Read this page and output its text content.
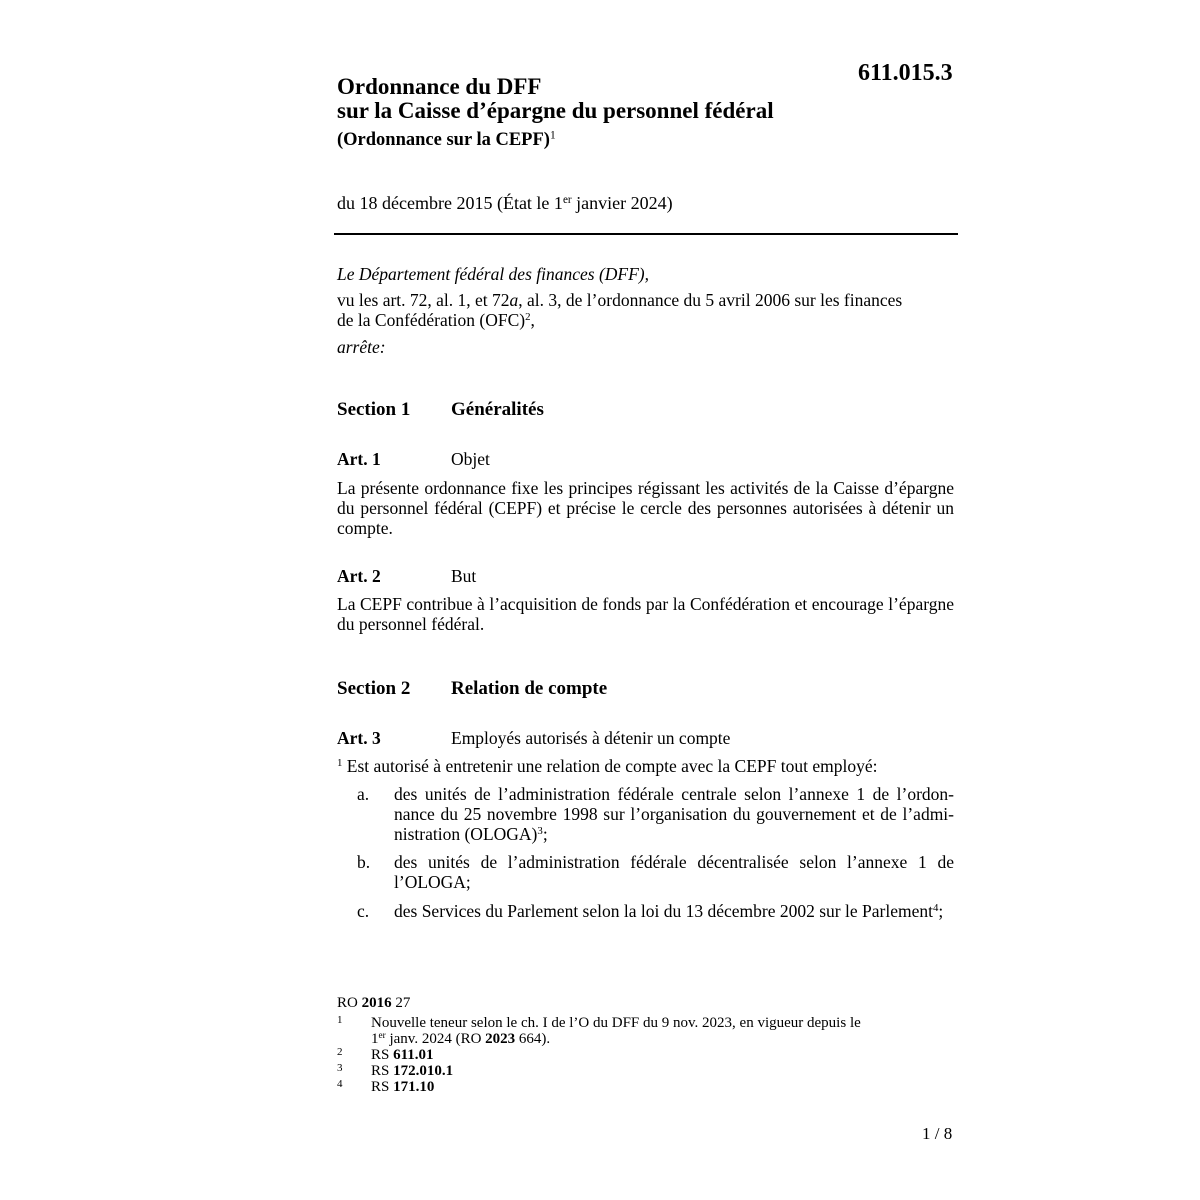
611.015.3
Ordonnance du DFF
sur la Caisse d’épargne du personnel fédéral
(Ordonnance sur la CEPF)$^1$
du 18 décembre 2015 (État le 1er janvier 2024)
Le Département fédéral des finances (DFF),
vu les art. 72, al. 1, et 72a, al. 3, de l’ordonnance du 5 avril 2006 sur les finances
de la Confédération (OFC)$^2$,
arrête:
Section 1 Généralités
Art. 1	Objet
La présente ordonnance fixe les principes régissant les activités de la Caisse d’épargne du personnel fédéral (CEPF) et précise le cercle des personnes autorisées à détenir un compte.
Art. 2	But
La CEPF contribue à l’acquisition de fonds par la Confédération et encourage l’épargne du personnel fédéral.
Section 2 Relation de compte
Art. 3	Employés autorisés à détenir un compte
$^1$ Est autorisé à entretenir une relation de compte avec la CEPF tout employé:
a. des unités de l’administration fédérale centrale selon l’annexe 1 de l’ordonnance du 25 novembre 1998 sur l’organisation du gouvernement et de l’administration (OLOGA)$^3$;
b. des unités de l’administration fédérale décentralisée selon l’annexe 1 de l’OLOGA;
c. des Services du Parlement selon la loi du 13 décembre 2002 sur le Parlement$^4$;
RO 2016 27
1 Nouvelle teneur selon le ch. I de l’O du DFF du 9 nov. 2023, en vigueur depuis le
1er janv. 2024 (RO 2023 664).
2 RS 611.01
3 RS 172.010.1
4 RS 171.10
1 / 8
